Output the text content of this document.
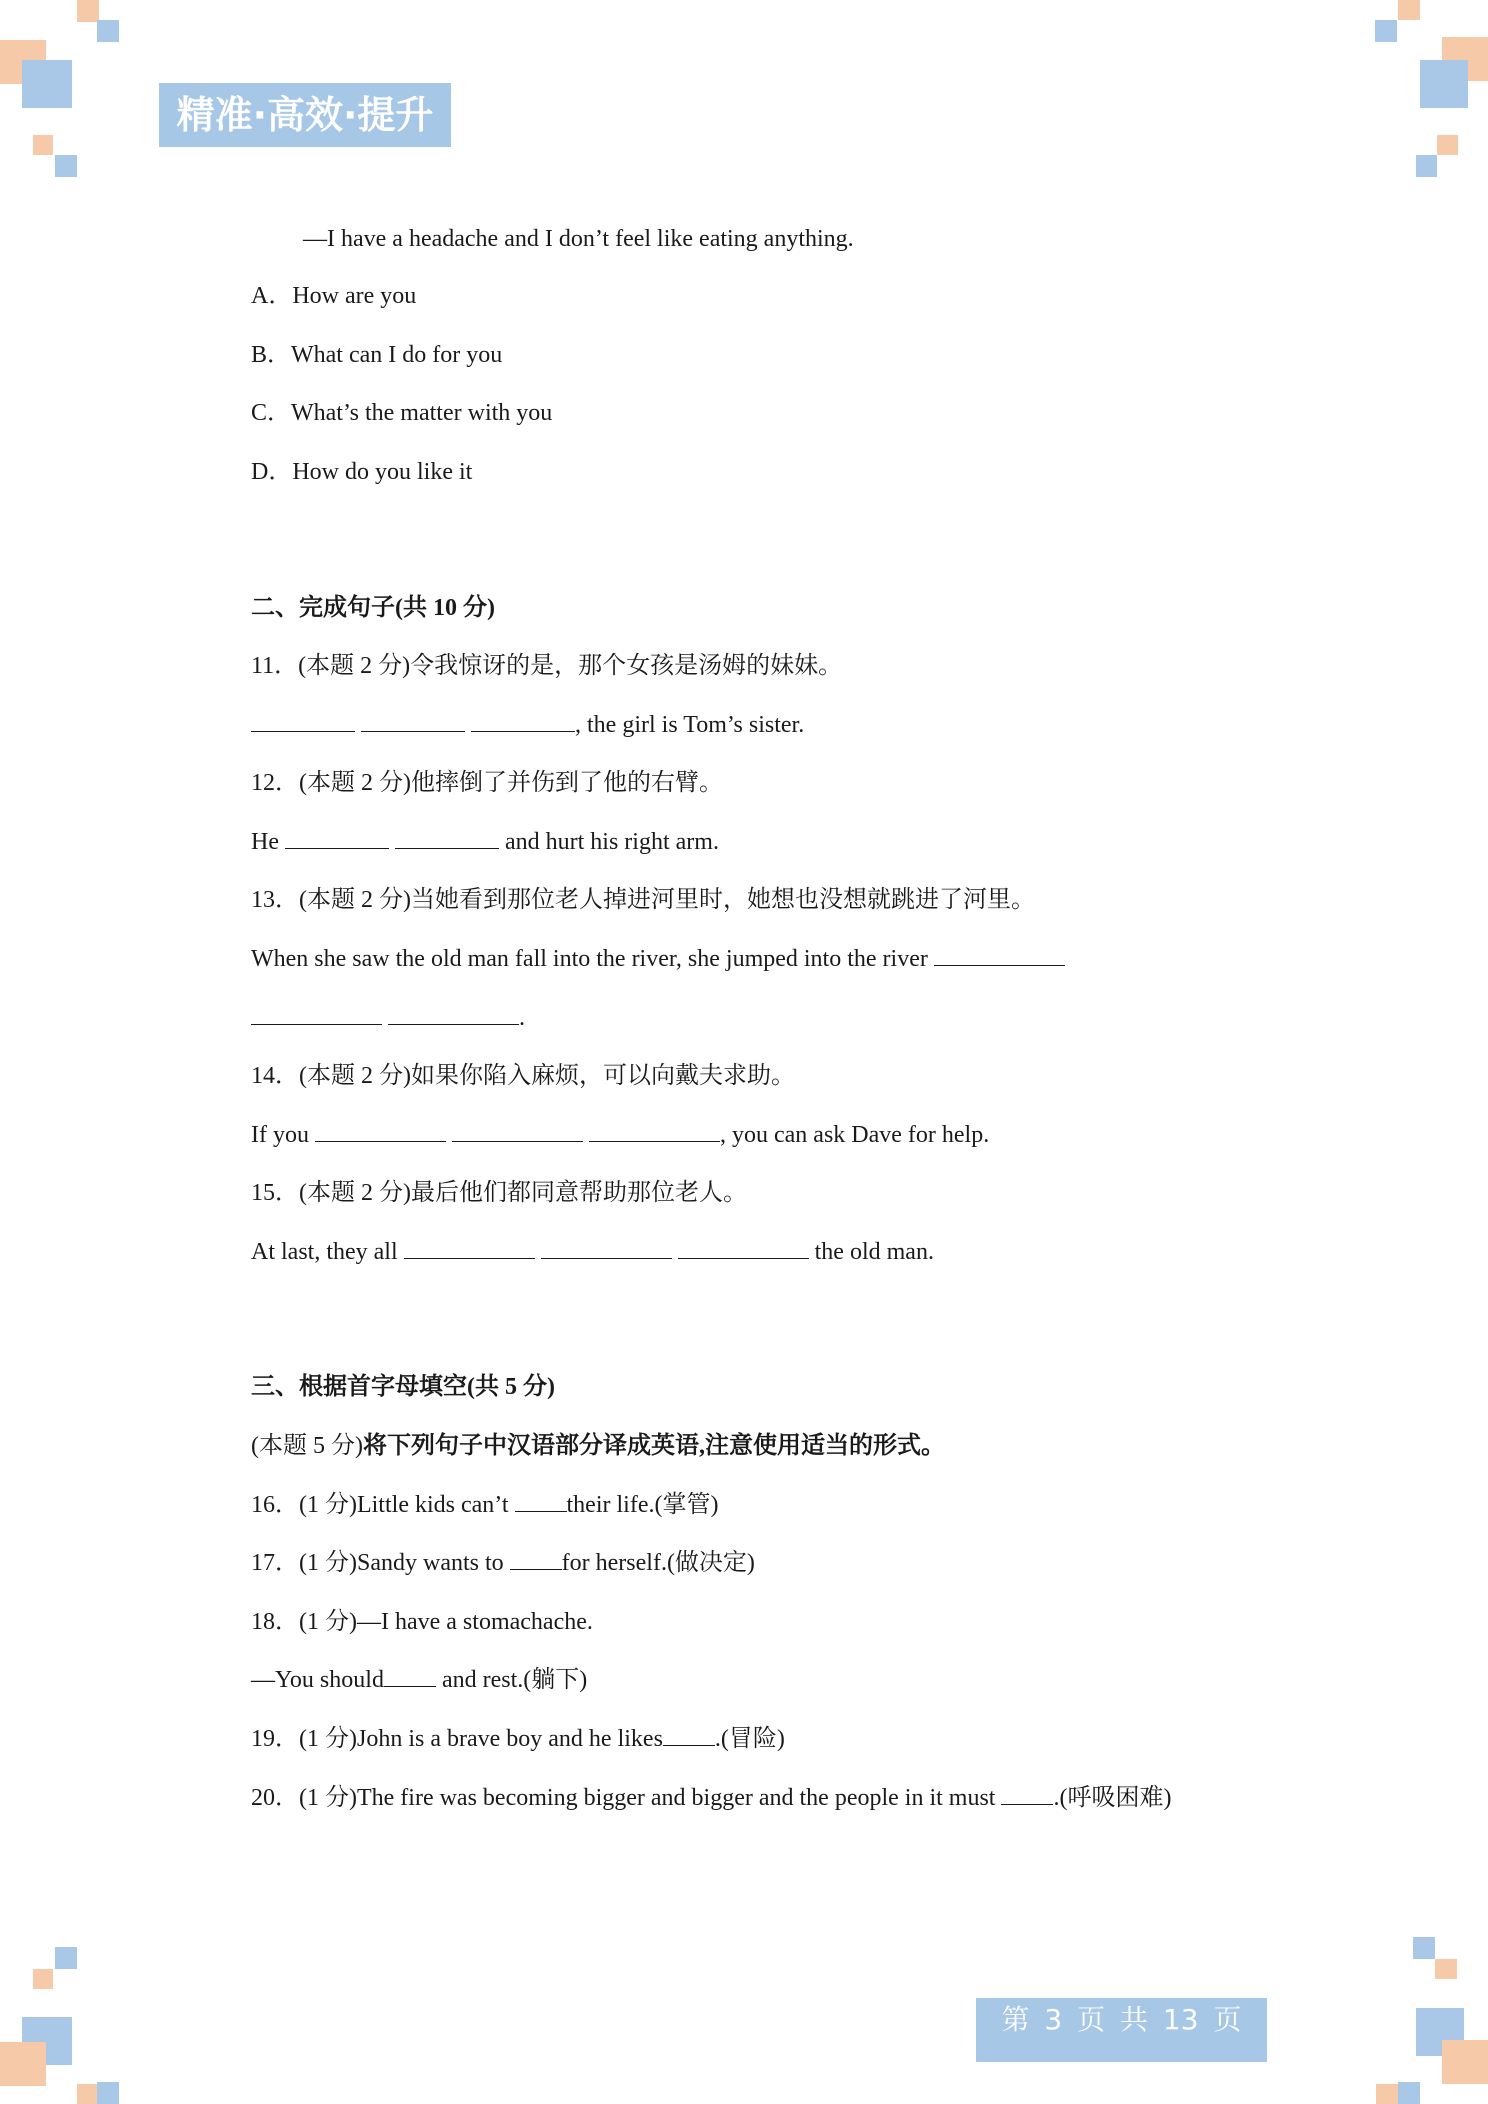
精准·高效·提升
—I have a headache and I don’t feel like eating anything.
A．How are you
B．What can I do for you
C．What’s the matter with you
D．How do you like it
二、完成句子(共 10 分)
11．(本题 2 分)令我惊讶的是，那个女孩是汤姆的妹妹。
, the girl is Tom’s sister.
12．(本题 2 分)他摔倒了并伤到了他的右臂。
He	and hurt his right arm.
13．(本题 2 分)当她看到那位老人掉进河里时，她想也没想就跳进了河里。
When she saw the old man fall into the river, she jumped into the river
.
14．(本题 2 分)如果你陷入麻烦，可以向戴夫求助。
If you	, you can ask Dave for help.
15．(本题 2 分)最后他们都同意帮助那位老人。
At last, they all	the old man.
三、根据首字母填空(共 5 分)
(本题 5 分)将下列句子中汉语部分译成英语,注意使用适当的形式。
16．(1 分)Little kids can’t their life.(掌管)
17．(1 分)Sandy wants to for herself.(做决定)
18．(1 分)—I have a stomachache.
—You should and rest.(躺下)
19．(1 分)John is a brave boy and he likes .(冒险)
20．(1 分)The fire was becoming bigger and bigger and the people in it must .(呼吸困难)
第 3 页 共 13 页
